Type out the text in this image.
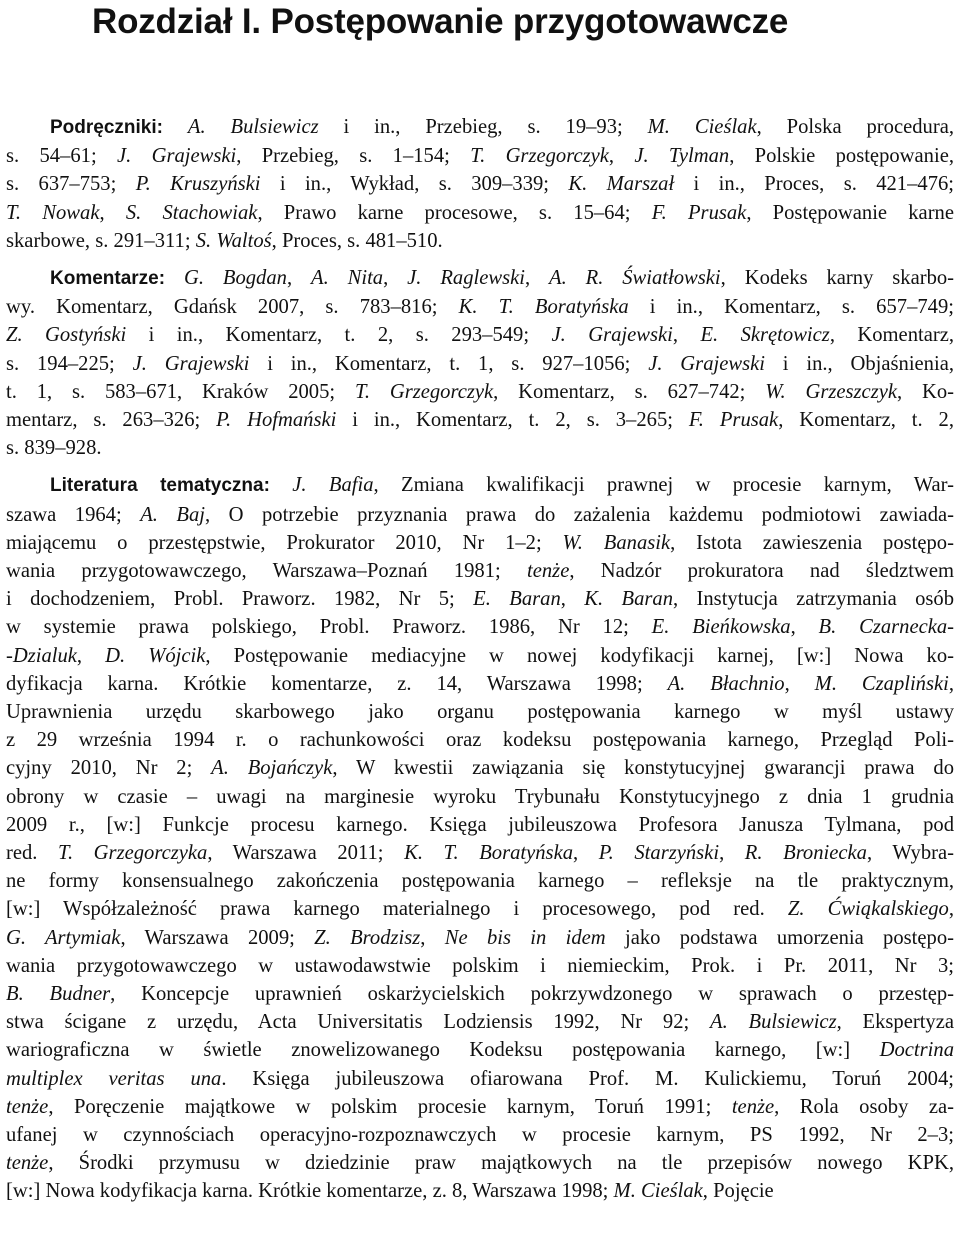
Rozdział I. Postępowanie przygotowawcze
Podręczniki: A. Bulsiewicz i in., Przebieg, s. 19–93; M. Cieślak, Polska procedura,
s. 54–61; J. Grajewski, Przebieg, s. 1–154; T. Grzegorczyk, J. Tylman, Polskie postępowanie,
s. 637–753; P. Kruszyński i in., Wykład, s. 309–339; K. Marszał i in., Proces, s. 421–476;
T. Nowak, S. Stachowiak, Prawo karne procesowe, s. 15–64; F. Prusak, Postępowanie karne
skarbowe, s. 291–311; S. Waltoś, Proces, s. 481–510.
Komentarze: G. Bogdan, A. Nita, J. Raglewski, A. R. Światłowski, Kodeks karny skarbo-
wy. Komentarz, Gdańsk 2007, s. 783–816; K. T. Boratyńska i in., Komentarz, s. 657–749;
Z. Gostyński i in., Komentarz, t. 2, s. 293–549; J. Grajewski, E. Skrętowicz, Komentarz,
s. 194–225; J. Grajewski i in., Komentarz, t. 1, s. 927–1056; J. Grajewski i in., Objaśnienia,
t. 1, s. 583–671, Kraków 2005; T. Grzegorczyk, Komentarz, s. 627–742; W. Grzeszczyk, Ko-
mentarz, s. 263–326; P. Hofmański i in., Komentarz, t. 2, s. 3–265; F. Prusak, Komentarz, t. 2,
s. 839–928.
Literatura tematyczna: J. Bafia, Zmiana kwalifikacji prawnej w procesie karnym, War-
szawa 1964; A. Baj, O potrzebie przyznania prawa do zażalenia każdemu podmiotowi zawiada-
miającemu o przestępstwie, Prokurator 2010, Nr 1–2; W. Banasik, Istota zawieszenia postępo-
wania przygotowawczego, Warszawa–Poznań 1981; tenże, Nadzór prokuratora nad śledztwem
i dochodzeniem, Probl. Praworz. 1982, Nr 5; E. Baran, K. Baran, Instytucja zatrzymania osób
w systemie prawa polskiego, Probl. Praworz. 1986, Nr 12; E. Bieńkowska, B. Czarnecka-
-Dzialuk, D. Wójcik, Postępowanie mediacyjne w nowej kodyfikacji karnej, [w:] Nowa ko-
dyfikacja karna. Krótkie komentarze, z. 14, Warszawa 1998; A. Błachnio, M. Czapliński,
Uprawnienia urzędu skarbowego jako organu postępowania karnego w myśl ustawy
z 29 września 1994 r. o rachunkowości oraz kodeksu postępowania karnego, Przegląd Poli-
cyjny 2010, Nr 2; A. Bojańczyk, W kwestii zawiązania się konstytucyjnej gwarancji prawa do
obrony w czasie – uwagi na marginesie wyroku Trybunału Konstytucyjnego z dnia 1 grudnia
2009 r., [w:] Funkcje procesu karnego. Księga jubileuszowa Profesora Janusza Tylmana, pod
red. T. Grzegorczyka, Warszawa 2011; K. T. Boratyńska, P. Starzyński, R. Broniecka, Wybra-
ne formy konsensualnego zakończenia postępowania karnego – refleksje na tle praktycznym,
[w:] Współzależność prawa karnego materialnego i procesowego, pod red. Z. Ćwiąkalskiego,
G. Artymiak, Warszawa 2009; Z. Brodzisz, Ne bis in idem jako podstawa umorzenia postępo-
wania przygotowawczego w ustawodawstwie polskim i niemieckim, Prok. i Pr. 2011, Nr 3;
B. Budner, Koncepcje uprawnień oskarżycielskich pokrzywdzonego w sprawach o przestęp-
stwa ścigane z urzędu, Acta Universitatis Lodziensis 1992, Nr 92; A. Bulsiewicz, Ekspertyza
wariograficzna w świetle znowelizowanego Kodeksu postępowania karnego, [w:] Doctrina
multiplex veritas una. Księga jubileuszowa ofiarowana Prof. M. Kulickiemu, Toruń 2004;
tenże, Poręczenie majątkowe w polskim procesie karnym, Toruń 1991; tenże, Rola osoby za-
ufanej w czynnościach operacyjno-rozpoznawczych w procesie karnym, PS 1992, Nr 2–3;
tenże, Środki przymusu w dziedzinie praw majątkowych na tle przepisów nowego KPK,
[w:] Nowa kodyfikacja karna. Krótkie komentarze, z. 8, Warszawa 1998; M. Cieślak, Pojęcie
